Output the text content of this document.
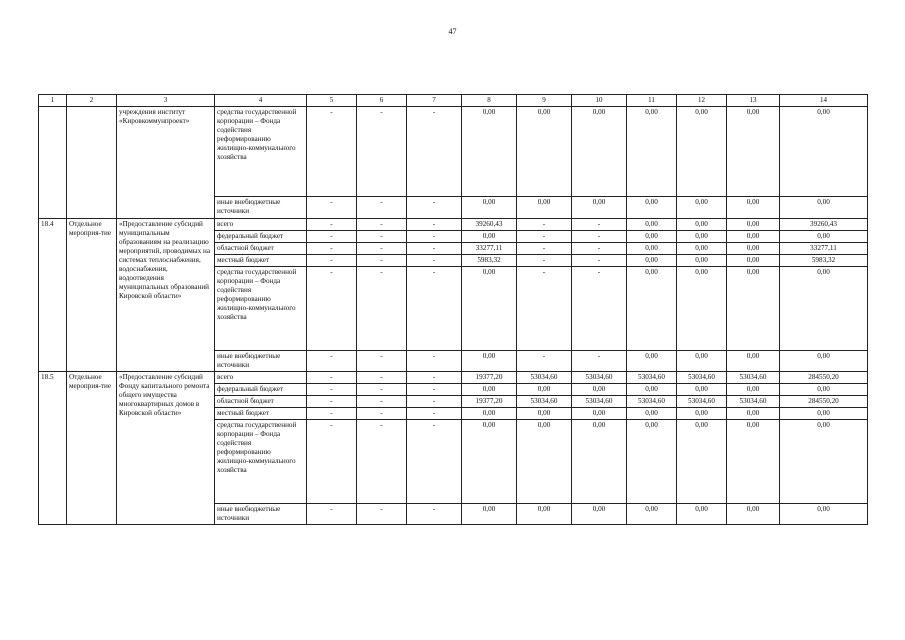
47
1	2	3	4	5	6	7	8	9	10	11	12	13	14
		учреждения институт «Кировкоммунпроект»	средства государственной корпорации – Фонда содействия реформированию жилищно-коммунального хозяйства	-	-	-	0,00	0,00	0,00	0,00	0,00	0,00	0,00
			иные внебюджетные источники	-	-	-	0,00	0,00	0,00	0,00	0,00	0,00	0,00
18.4	Отдельное мероприя-тие	«Предоставление субсидий муниципальным образованиям на реализацию мероприятий, проводимых на системах теплоснабжения, водоснабжения, водоотведения муниципальных образований Кировской области»	всего	-	-	-	39260,43	-	-	0,00	0,00	0,00	39260,43
			федеральный бюджет	-	-	-	0,00	-	-	0,00	0,00	0,00	0,00
			областной бюджет	-	-	-	33277,11	-	-	0,00	0,00	0,00	33277,11
			местный бюджет	-	-	-	5983,32	-	-	0,00	0,00	0,00	5983,32
			средства государственной корпорации – Фонда содействия реформированию жилищно-коммунального хозяйства	-	-	-	0,00	-	-	0,00	0,00	0,00	0,00
			иные внебюджетные источники	-	-	-	0,00	-	-	0,00	0,00	0,00	0,00
18.5	Отдельное мероприя-тие	«Предоставление субсидий Фонду капитального ремонта общего имущества многоквартирных домов в Кировской области»	всего	-	-	-	19377,20	53034,60	53034,60	53034,60	53034,60	53034,60	284550,20
			федеральный бюджет	-	-	-	0,00	0,00	0,00	0,00	0,00	0,00	0,00
			областной бюджет	-	-	-	19377,20	53034,60	53034,60	53034,60	53034,60	53034,60	284550,20
			местный бюджет	-	-	-	0,00	0,00	0,00	0,00	0,00	0,00	0,00
			средства государственной корпорации – Фонда содействия реформированию жилищно-коммунального хозяйства	-	-	-	0,00	0,00	0,00	0,00	0,00	0,00	0,00
			иные внебюджетные источники	-	-	-	0,00	0,00	0,00	0,00	0,00	0,00	0,00
